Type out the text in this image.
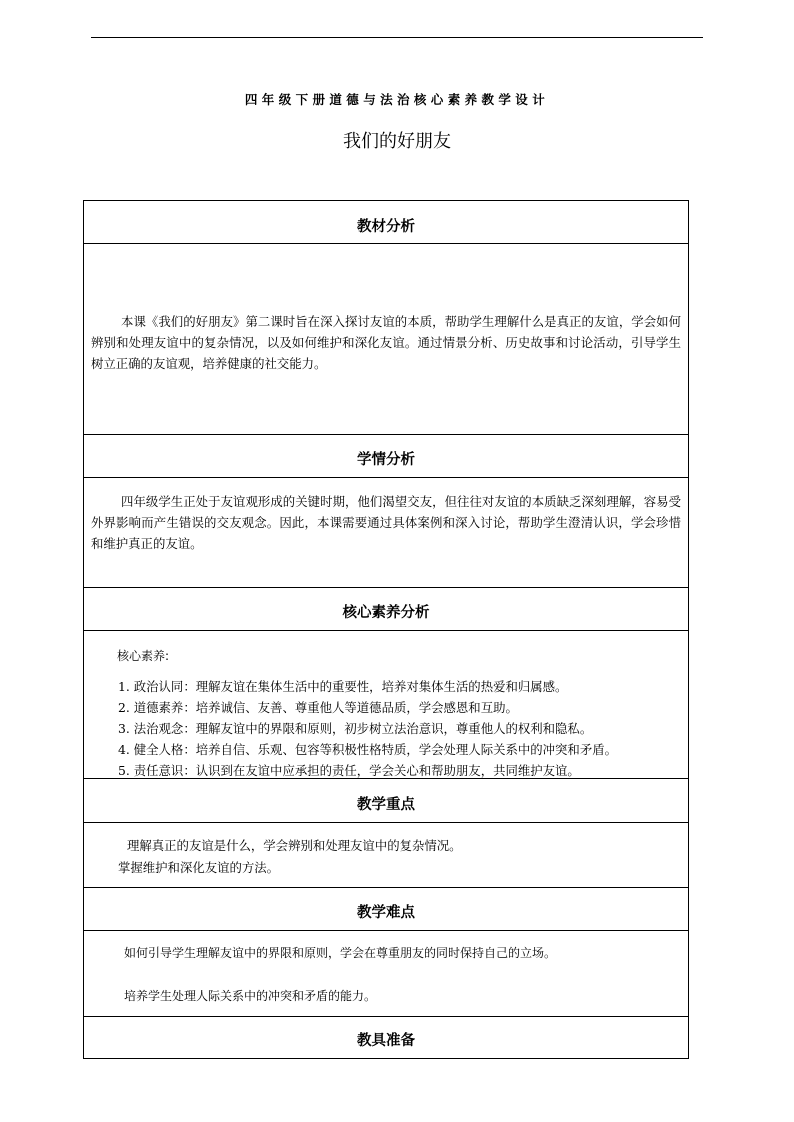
四年级下册道德与法治核心素养教学设计
我们的好朋友
教材分析
本课《我们的好朋友》第二课时旨在深入探讨友谊的本质，帮助学生理解什么是真正的友谊，学会如何辨别和处理友谊中的复杂情况，以及如何维护和深化友谊。通过情景分析、历史故事和讨论活动，引导学生树立正确的友谊观，培养健康的社交能力。
学情分析
四年级学生正处于友谊观形成的关键时期，他们渴望交友，但往往对友谊的本质缺乏深刻理解，容易受外界影响而产生错误的交友观念。因此，本课需要通过具体案例和深入讨论，帮助学生澄清认识，学会珍惜和维护真正的友谊。
核心素养分析
核心素养:
1. 政治认同：理解友谊在集体生活中的重要性，培养对集体生活的热爱和归属感。
2. 道德素养：培养诚信、友善、尊重他人等道德品质，学会感恩和互助。
3. 法治观念：理解友谊中的界限和原则，初步树立法治意识，尊重他人的权利和隐私。
4. 健全人格：培养自信、乐观、包容等积极性格特质，学会处理人际关系中的冲突和矛盾。
5. 责任意识：认识到在友谊中应承担的责任，学会关心和帮助朋友，共同维护友谊。
教学重点
理解真正的友谊是什么，学会辨别和处理友谊中的复杂情况。
掌握维护和深化友谊的方法。
教学难点
如何引导学生理解友谊中的界限和原则，学会在尊重朋友的同时保持自己的立场。
培养学生处理人际关系中的冲突和矛盾的能力。
教具准备
